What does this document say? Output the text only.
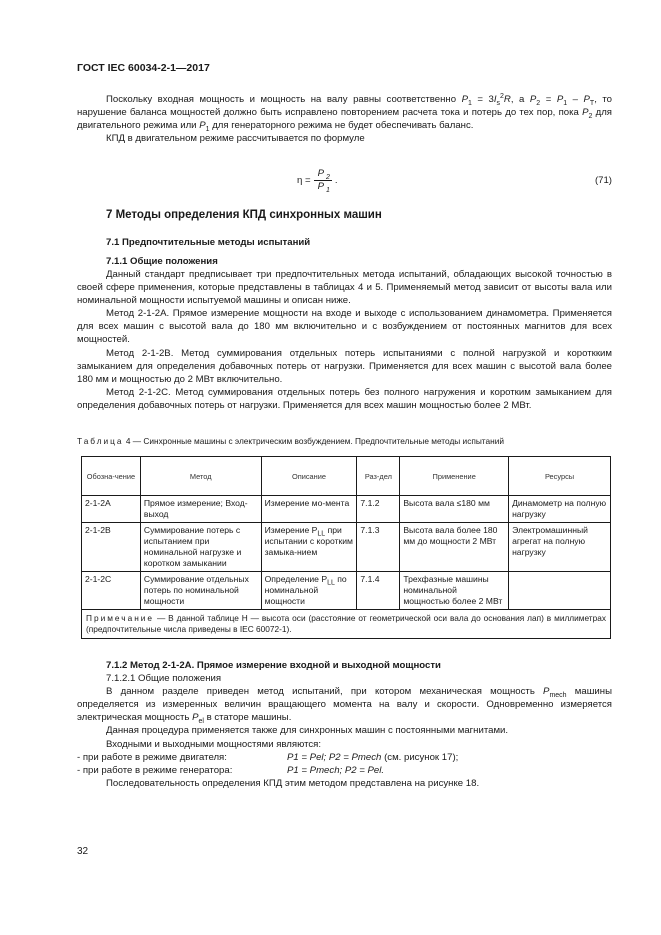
ГОСТ IEC 60034-2-1—2017

Поскольку входная мощность и мощность на валу равны соответственно $P_1 = 3I_s^2R$, а $P_2 = P_1 - P_T$, то нарушение баланса мощностей должно быть исправлено повторением расчета тока и потерь до тех пор, пока $P_2$ для двигательного режима или $P_1$ для генераторного режима не будет обеспечивать баланс.

КПД в двигательном режиме рассчитывается по формуле

$\eta = \frac{P _2}{P _1}$ .	(71)
7 Методы определения КПД синхронных машин
7.1 Предпочтительные методы испытаний
7.1.1 Общие положения

Данный стандарт предписывает три предпочтительных метода испытаний, обладающих высокой точностью в своей сфере применения, которые представлены в таблицах 4 и 5. Применяемый метод зависит от высоты вала или номинальной мощности испытуемой машины и описан ниже.

Метод 2-1-2А. Прямое измерение мощности на входе и выходе с использованием динамометра. Применяется для всех машин с высотой вала до 180 мм включительно и с возбуждением от постоянных магнитов для всех мощностей.

Метод 2-1-2В. Метод суммирования отдельных потерь испытаниями с полной нагрузкой и короткким замыканием для определения добавочных потерь от нагрузки. Применяется для всех машин с высотой вала более 180 мм и мощностью до 2 МВт включительно.

Метод 2-1-2С. Метод суммирования отдельных потерь без полного нагружения и коротким замыканием для определения добавочных потерь от нагрузки. Применяется для всех машин мощностью более 2 МВт.

Таблица 4 — Синхронные машины с электрическим возбуждением. Предпочтительные методы испытаний
Обозна-чение	Метод	Описание	Раз-дел	Применение	Ресурсы
2-1-2А	Прямое измерение; Вход-выход	Измерение мо-мента	7.1.2	Высота вала ≤180 мм	Динамометр на полную нагрузку
2-1-2В	Суммирование потерь с испытанием при номинальной нагрузке и коротком замыкании	Измерение $P_{LL}$ при испытании с коротким замыка-нием	7.1.3	Высота вала более 180 мм до мощности 2 МВт	Электромашинный агрегат на полную нагрузку
2-1-2С	Суммирование отдельных потерь по номинальной мощности	Определение $P_{LL}$ по номинальной мощности	7.1.4	Трехфазные машины номинальной мощностью более 2 МВт	
Примечание — В данной таблице H — высота оси (расстояние от геометрической оси вала до основания лап) в миллиметрах (предпочтительные числа приведены в IEC 60072-1).					

7.1.2 Метод 2-1-2А. Прямое измерение входной и выходной мощности

7.1.2.1 Общие положения

В данном разделе приведен метод испытаний, при котором механическая мощность $P_{mech}$ машины определяется из измеренных величин вращающего момента на валу и скорости. Одновременно измеряется электрическая мощность $P_{el}$ в статоре машины.

Данная процедура применяется также для синхронных машин с постоянными магнитами.

Входными и выходными мощностями являются:

- при работе в режиме двигателя:	P1 = Pel; P2 = Pmech (см. рисунок 17);
- при работе в режиме генератора:	P1 = Pmech; P2 = Pel.

Последовательность определения КПД этим методом представлена на рисунке 18.

32
